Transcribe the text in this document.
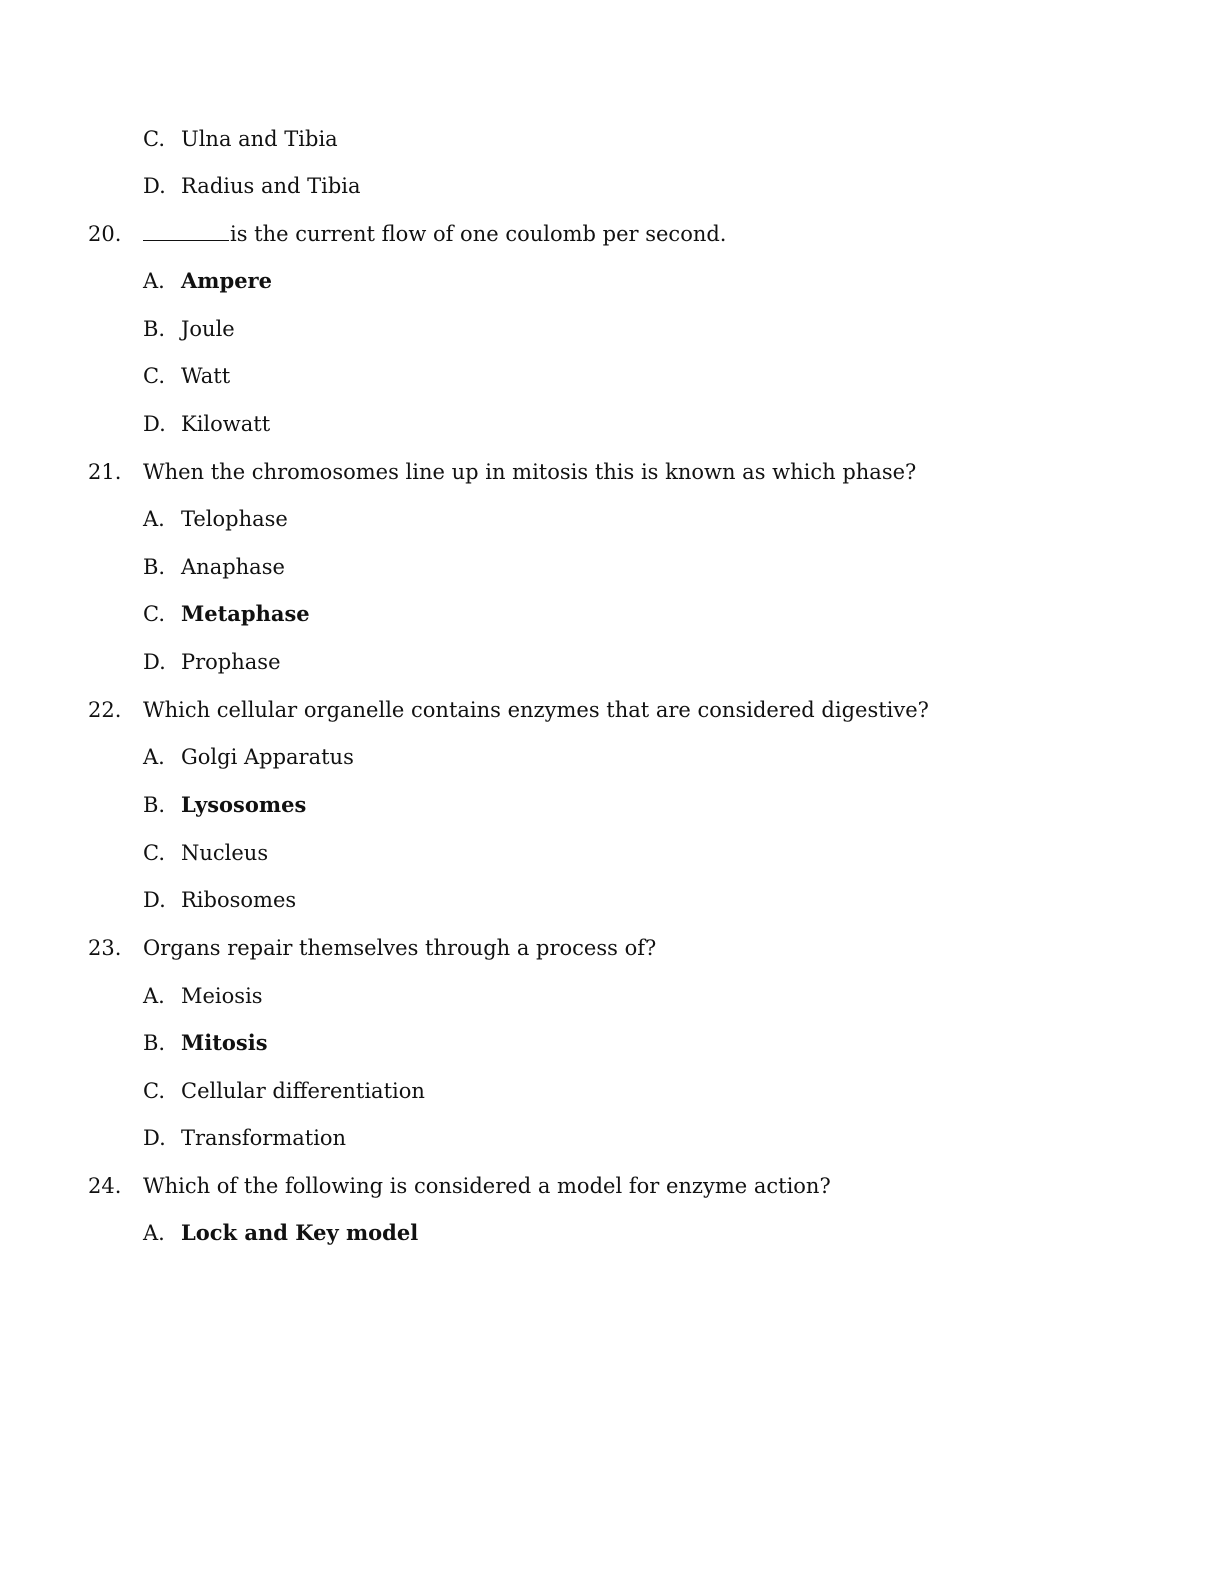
C. Ulna and Tibia
D. Radius and Tibia
20.	is the current flow of one coulomb per second.
A. Ampere
B. Joule
C. Watt
D. Kilowatt
21. When the chromosomes line up in mitosis this is known as which phase?
A. Telophase
B. Anaphase
C. Metaphase
D. Prophase
22. Which cellular organelle contains enzymes that are considered digestive?
A. Golgi Apparatus
B. Lysosomes
C. Nucleus
D. Ribosomes
23. Organs repair themselves through a process of?
A. Meiosis
B. Mitosis
C. Cellular differentiation
D. Transformation
24. Which of the following is considered a model for enzyme action?
A. Lock and Key model
